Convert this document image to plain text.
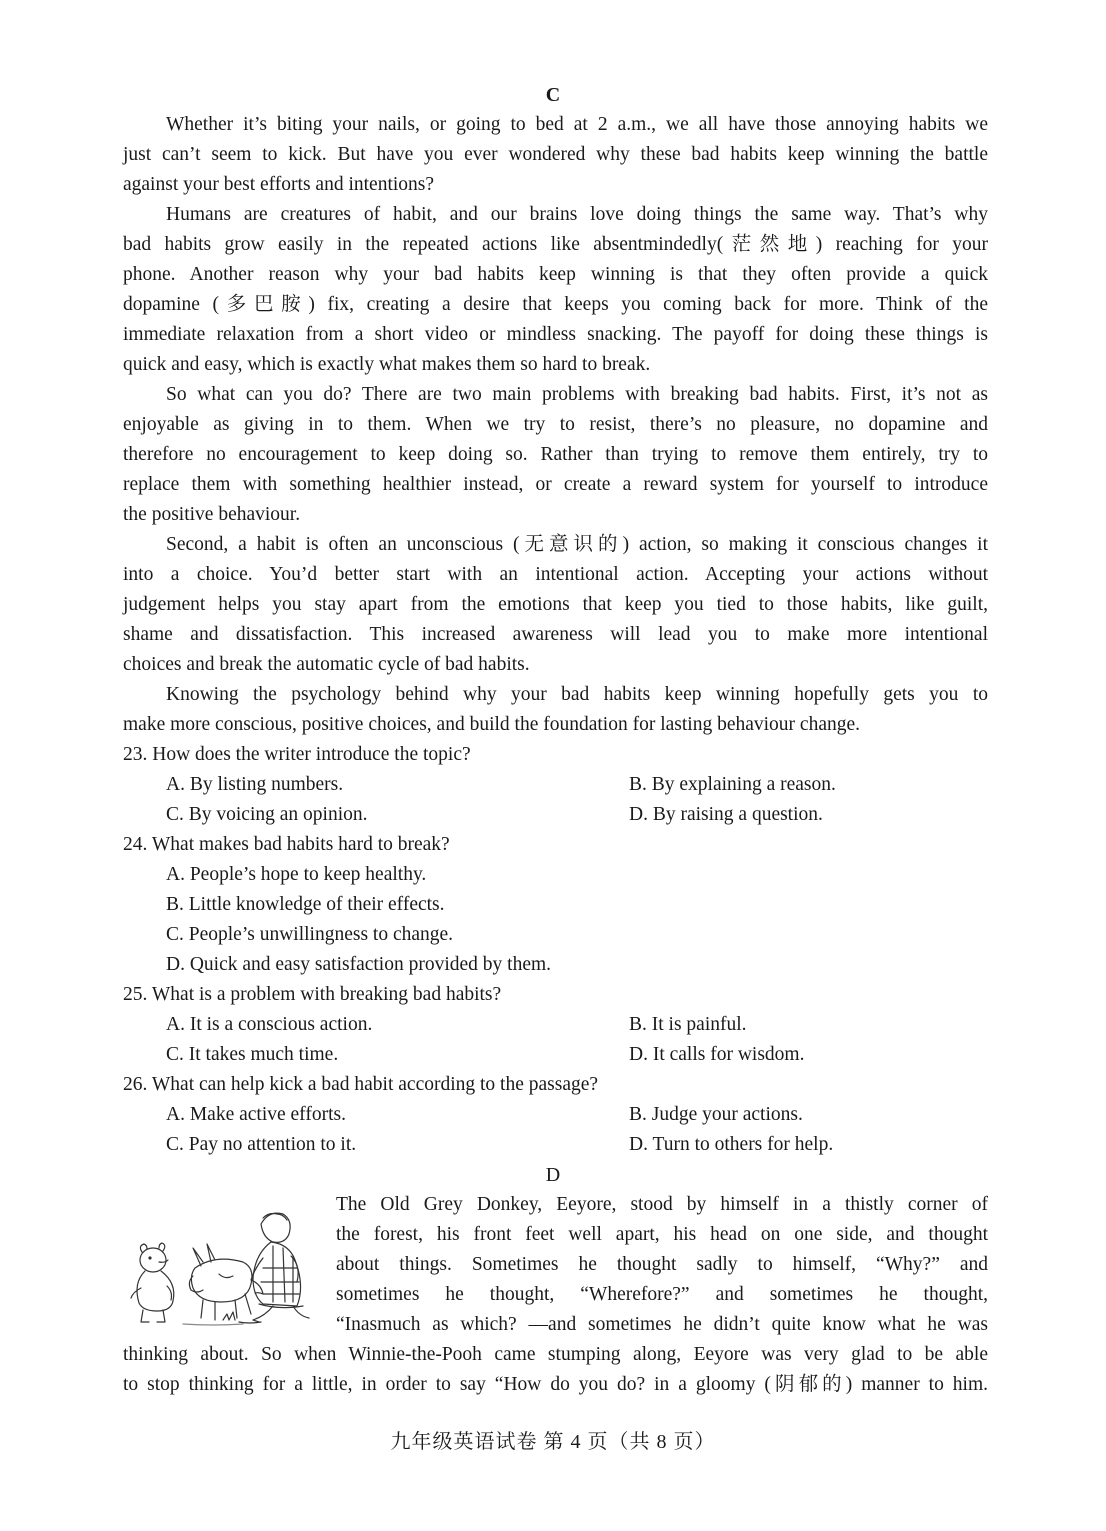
C
Whether it’s biting your nails, or going to bed at 2 a.m., we all have those annoying habits we
just can’t seem to kick. But have you ever wondered why these bad habits keep winning the battle
against your best efforts and intentions?
Humans are creatures of habit, and our brains love doing things the same way. That’s why
bad habits grow easily in the repeated actions like absentmindedly(茫然地) reaching for your
phone. Another reason why your bad habits keep winning is that they often provide a quick
dopamine (多巴胺) fix, creating a desire that keeps you coming back for more. Think of the
immediate relaxation from a short video or mindless snacking. The payoff for doing these things is
quick and easy, which is exactly what makes them so hard to break.
So what can you do? There are two main problems with breaking bad habits. First, it’s not as
enjoyable as giving in to them. When we try to resist, there’s no pleasure, no dopamine and
therefore no encouragement to keep doing so. Rather than trying to remove them entirely, try to
replace them with something healthier instead, or create a reward system for yourself to introduce
the positive behaviour.
Second, a habit is often an unconscious (无意识的) action, so making it conscious changes it
into a choice. You’d better start with an intentional action. Accepting your actions without
judgement helps you stay apart from the emotions that keep you tied to those habits, like guilt,
shame and dissatisfaction. This increased awareness will lead you to make more intentional
choices and break the automatic cycle of bad habits.
Knowing the psychology behind why your bad habits keep winning hopefully gets you to
make more conscious, positive choices, and build the foundation for lasting behaviour change.
23. How does the writer introduce the topic?
A. By listing numbers.	B. By explaining a reason.
C. By voicing an opinion.	D. By raising a question.
24. What makes bad habits hard to break?
A. People’s hope to keep healthy.
B. Little knowledge of their effects.
C. People’s unwillingness to change.
D. Quick and easy satisfaction provided by them.
25. What is a problem with breaking bad habits?
A. It is a conscious action.	B. It is painful.
C. It takes much time.	D. It calls for wisdom.
26. What can help kick a bad habit according to the passage?
A. Make active efforts.	B. Judge your actions.
C. Pay no attention to it.	D. Turn to others for help.
D
The Old Grey Donkey, Eeyore, stood by himself in a thistly corner of
the forest, his front feet well apart, his head on one side, and thought
about things. Sometimes he thought sadly to himself, “Why?” and
sometimes he thought, “Wherefore?” and sometimes he thought,
“Inasmuch as which? —and sometimes he didn’t quite know what he was
thinking about. So when Winnie-the-Pooh came stumping along, Eeyore was very glad to be able
to stop thinking for a little, in order to say “How do you do? in a gloomy (阴郁的) manner to him.
九年级英语试卷 第 4 页（共 8 页）
